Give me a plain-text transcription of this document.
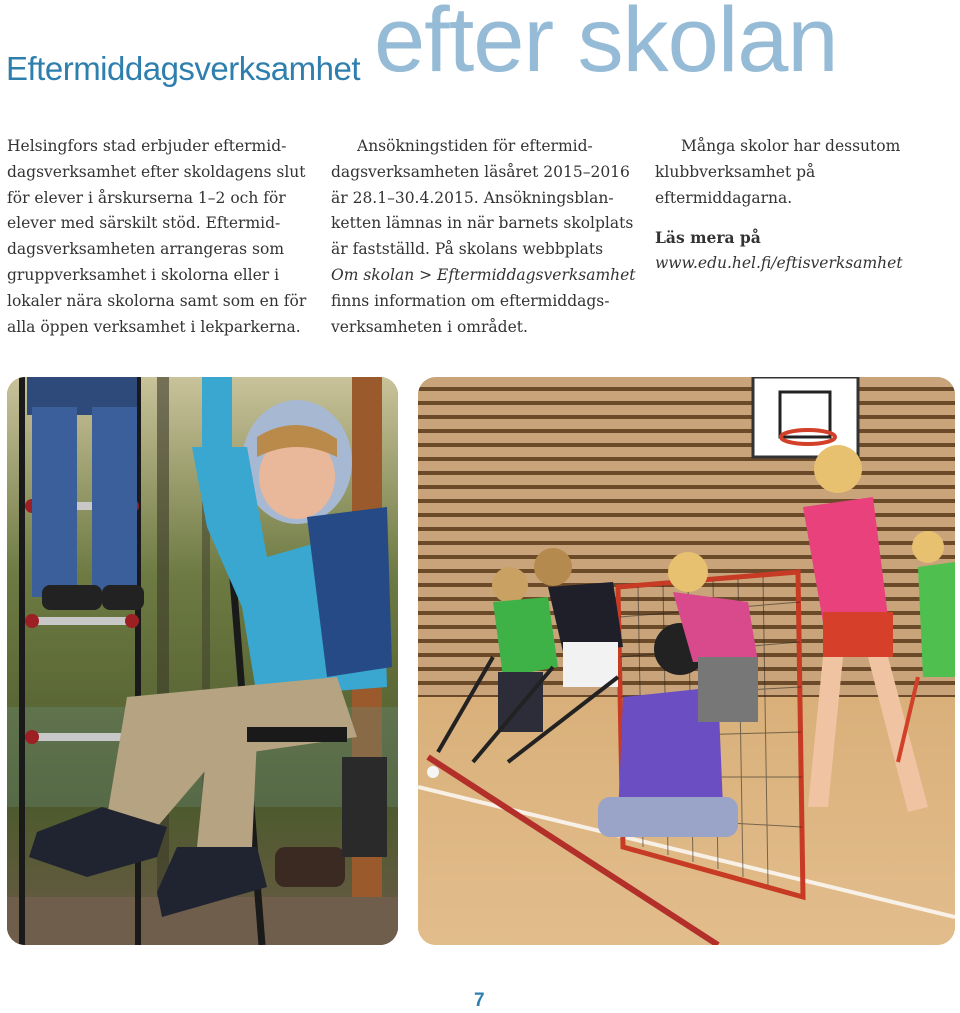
Eftermiddagsverksamhet efter skolan

Helsingfors stad erbjuder eftermid-

dagsverksamhet efter skoldagens slut

för elever i årskurserna 1–2 och för

elever med särskilt stöd. Eftermid-

dagsverksamheten arrangeras som

gruppverksamhet i skolorna eller i

lokaler nära skolorna samt som en för

alla öppen verksamhet i lekparkerna.

Ansökningstiden för eftermid-

dagsverksamheten läsåret 2015–2016

är 28.1–30.4.2015. Ansökningsblan-

ketten lämnas in när barnets skolplats

är fastställd. På skolans webbplats

Om skolan > Eftermiddagsverksamhet

finns information om eftermiddags-

verksamheten i området.

Många skolor har dessutom

klubbverksamhet på eftermiddagarna.

Läs mera på

www.edu.hel.fi/eftisverksamhet

7
